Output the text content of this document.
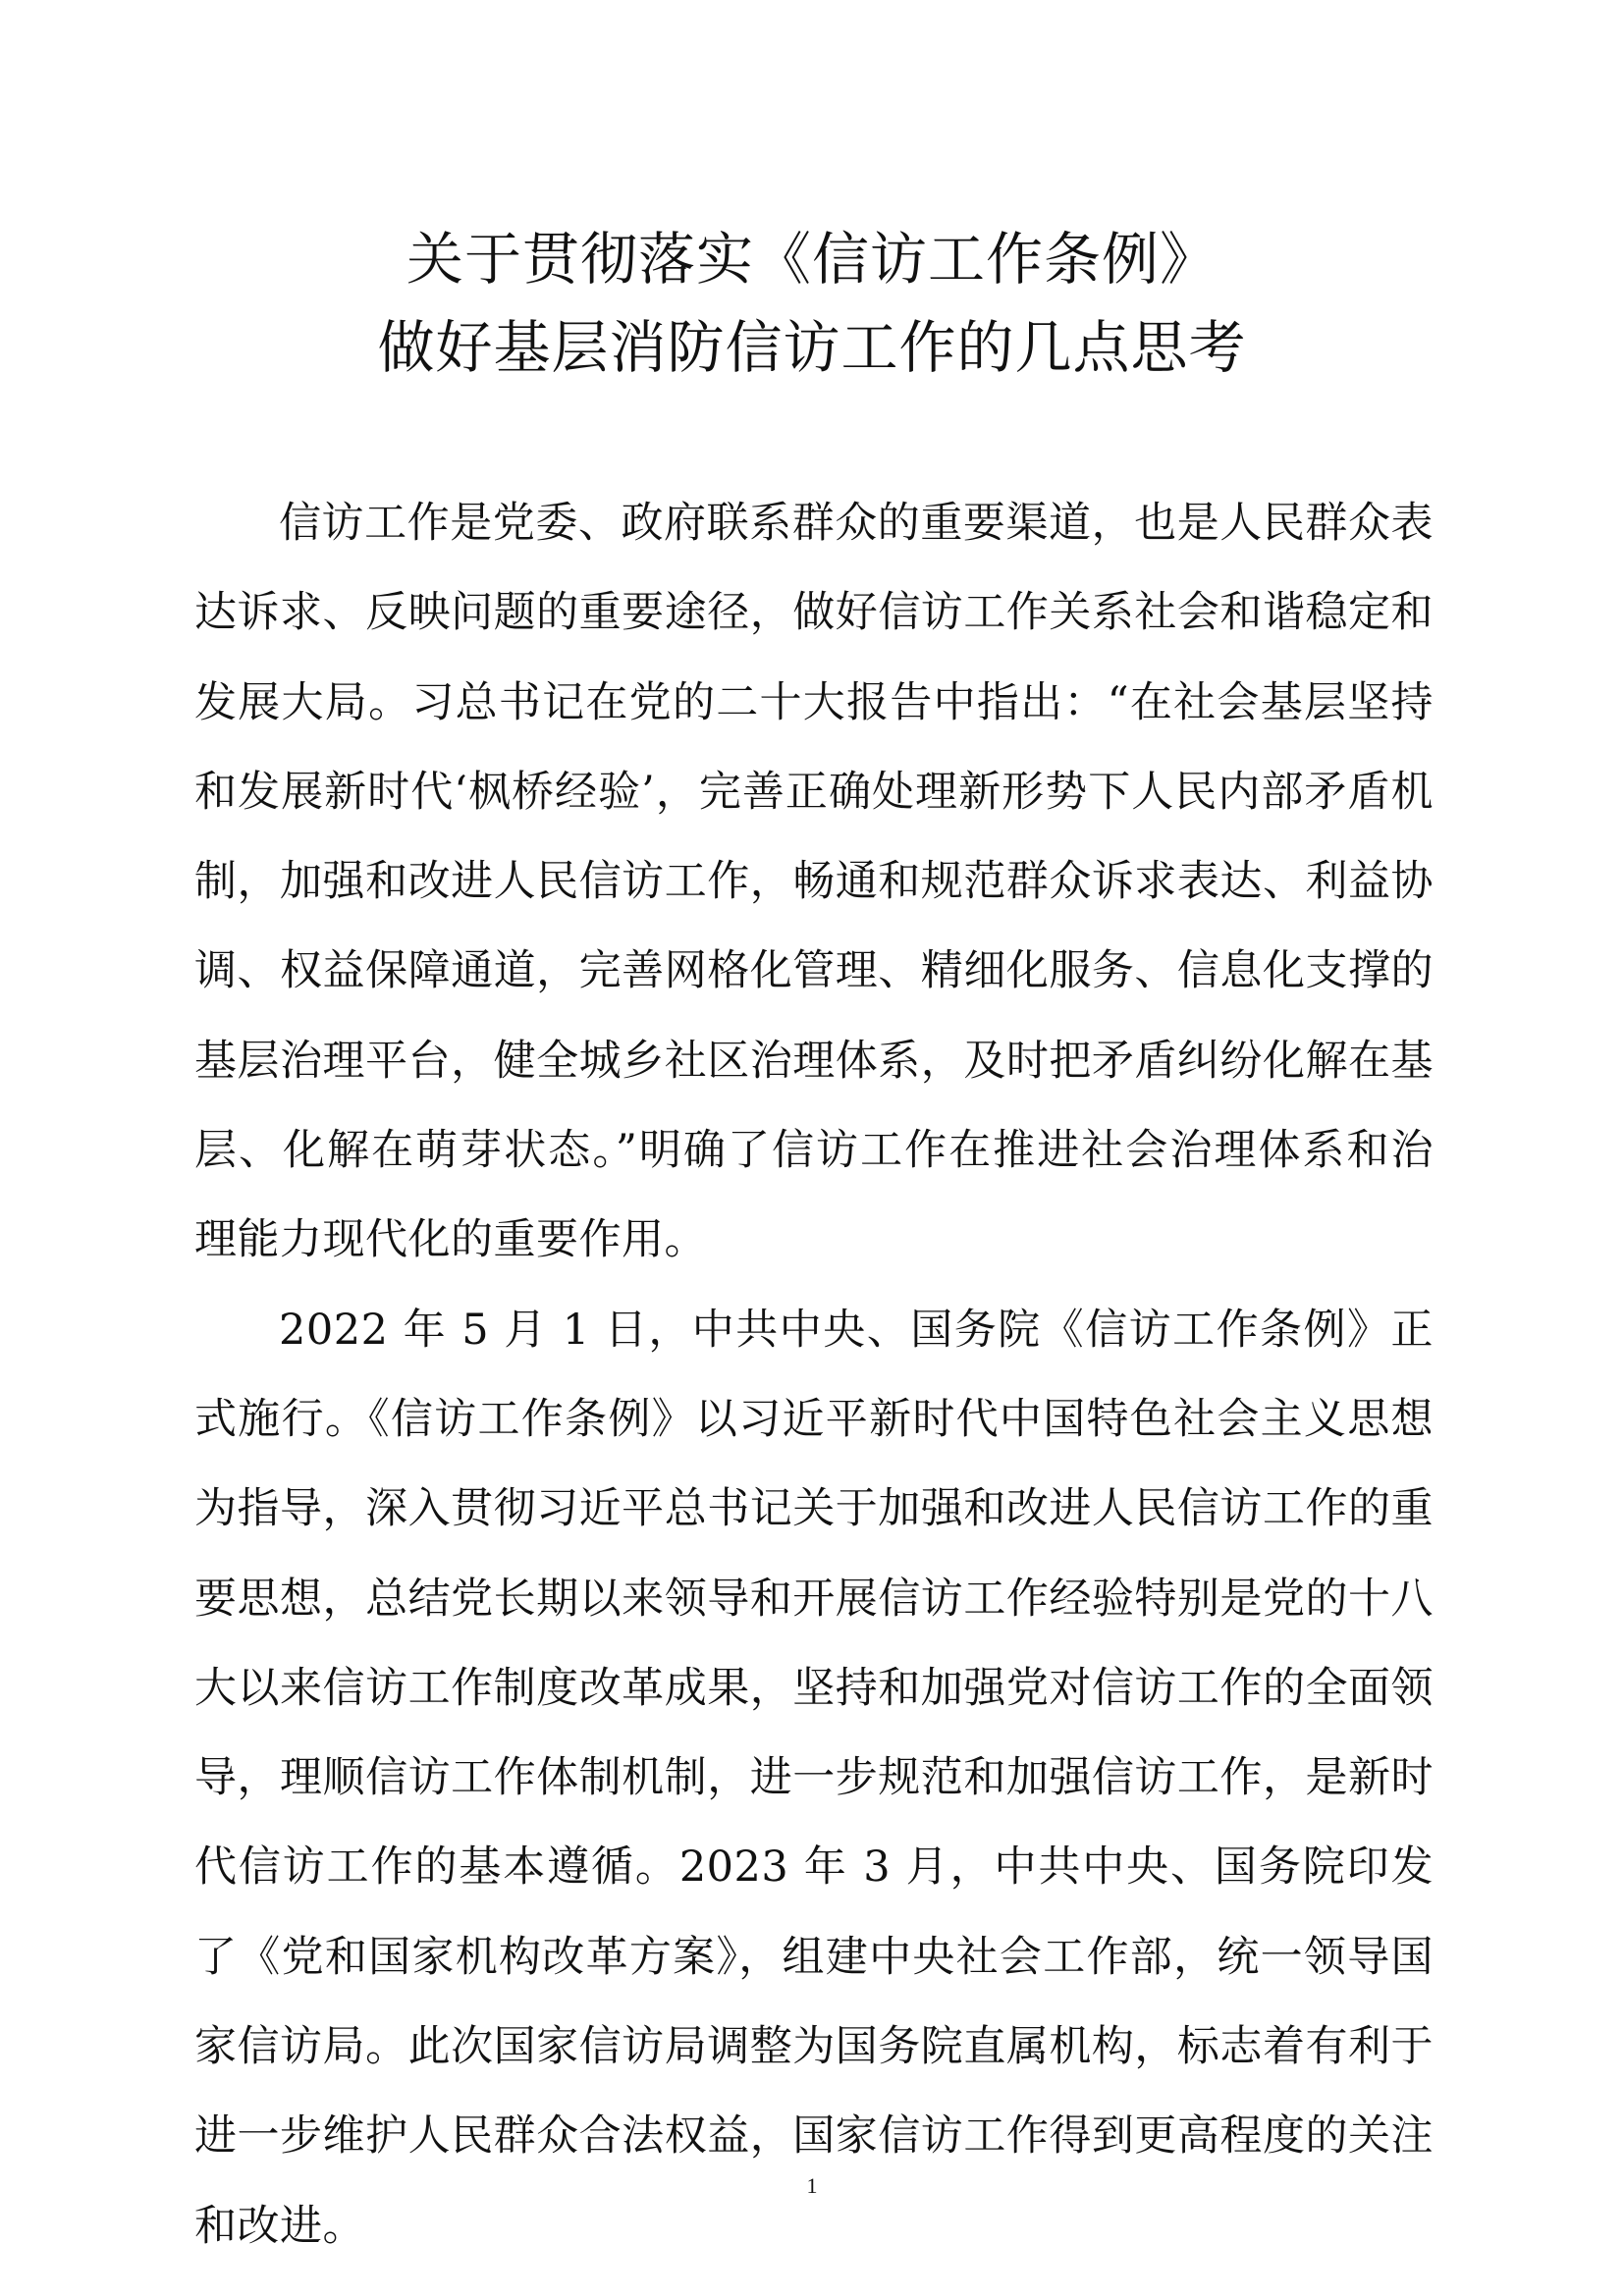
关于贯彻落实《信访工作条例》
做好基层消防信访工作的几点思考

信访工作是党委、政府联系群众的重要渠道，也是人民群众表达诉求、反映问题的重要途径，做好信访工作关系社会和谐稳定和发展大局。习总书记在党的二十大报告中指出：“在社会基层坚持和发展新时代‘枫桥经验’，完善正确处理新形势下人民内部矛盾机制，加强和改进人民信访工作，畅通和规范群众诉求表达、利益协调、权益保障通道，完善网格化管理、精细化服务、信息化支撑的基层治理平台，健全城乡社区治理体系，及时把矛盾纠纷化解在基层、化解在萌芽状态。”明确了信访工作在推进社会治理体系和治理能力现代化的重要作用。

2022 年 5 月 1 日，中共中央、国务院《信访工作条例》正式施行。《信访工作条例》以习近平新时代中国特色社会主义思想为指导，深入贯彻习近平总书记关于加强和改进人民信访工作的重要思想，总结党长期以来领导和开展信访工作经验特别是党的十八大以来信访工作制度改革成果，坚持和加强党对信访工作的全面领导，理顺信访工作体制机制，进一步规范和加强信访工作，是新时代信访工作的基本遵循。2023 年 3 月，中共中央、国务院印发了《党和国家机构改革方案》，组建中央社会工作部，统一领导国家信访局。此次国家信访局调整为国务院直属机构，标志着有利于进一步维护人民群众合法权益，国家信访工作得到更高程度的关注和改进。

1
